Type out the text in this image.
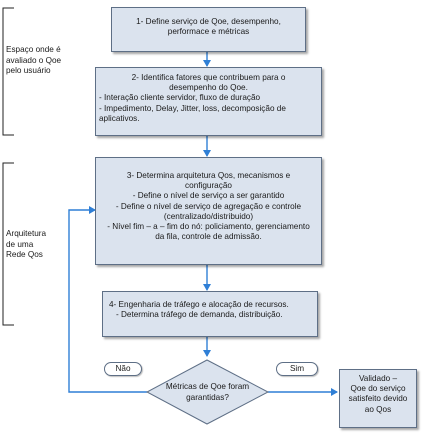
Espaço onde é
avaliado o Qoe
pelo usuário
Arquitetura
de uma
Rede Qos
1- Define serviço de Qoe, desempenho,
performace e métricas
2- Identifica fatores que contribuem para o
desempenho do Qoe.
- Interação cliente servidor, fluxo de duração
- Impedimento, Delay, Jitter, loss, decomposição de
aplicativos.
3- Determina arquitetura Qos, mecanismos e
configuração
- Define o nível de serviço a ser garantido
- Define o nível de serviço de agregação e controle
(centralizado/distribuido)
- Nível fim – a – fim do nó: policiamento, gerenciamento
da fila, controle de admissão.
4- Engenharia de tráfego e alocação de recursos.
- Determina tráfego de demanda, distribuição.
Métricas de Qoe foram
garantidas?
Não	Sim
Validado –
Qoe do serviço
satisfeito devido
ao Qos
